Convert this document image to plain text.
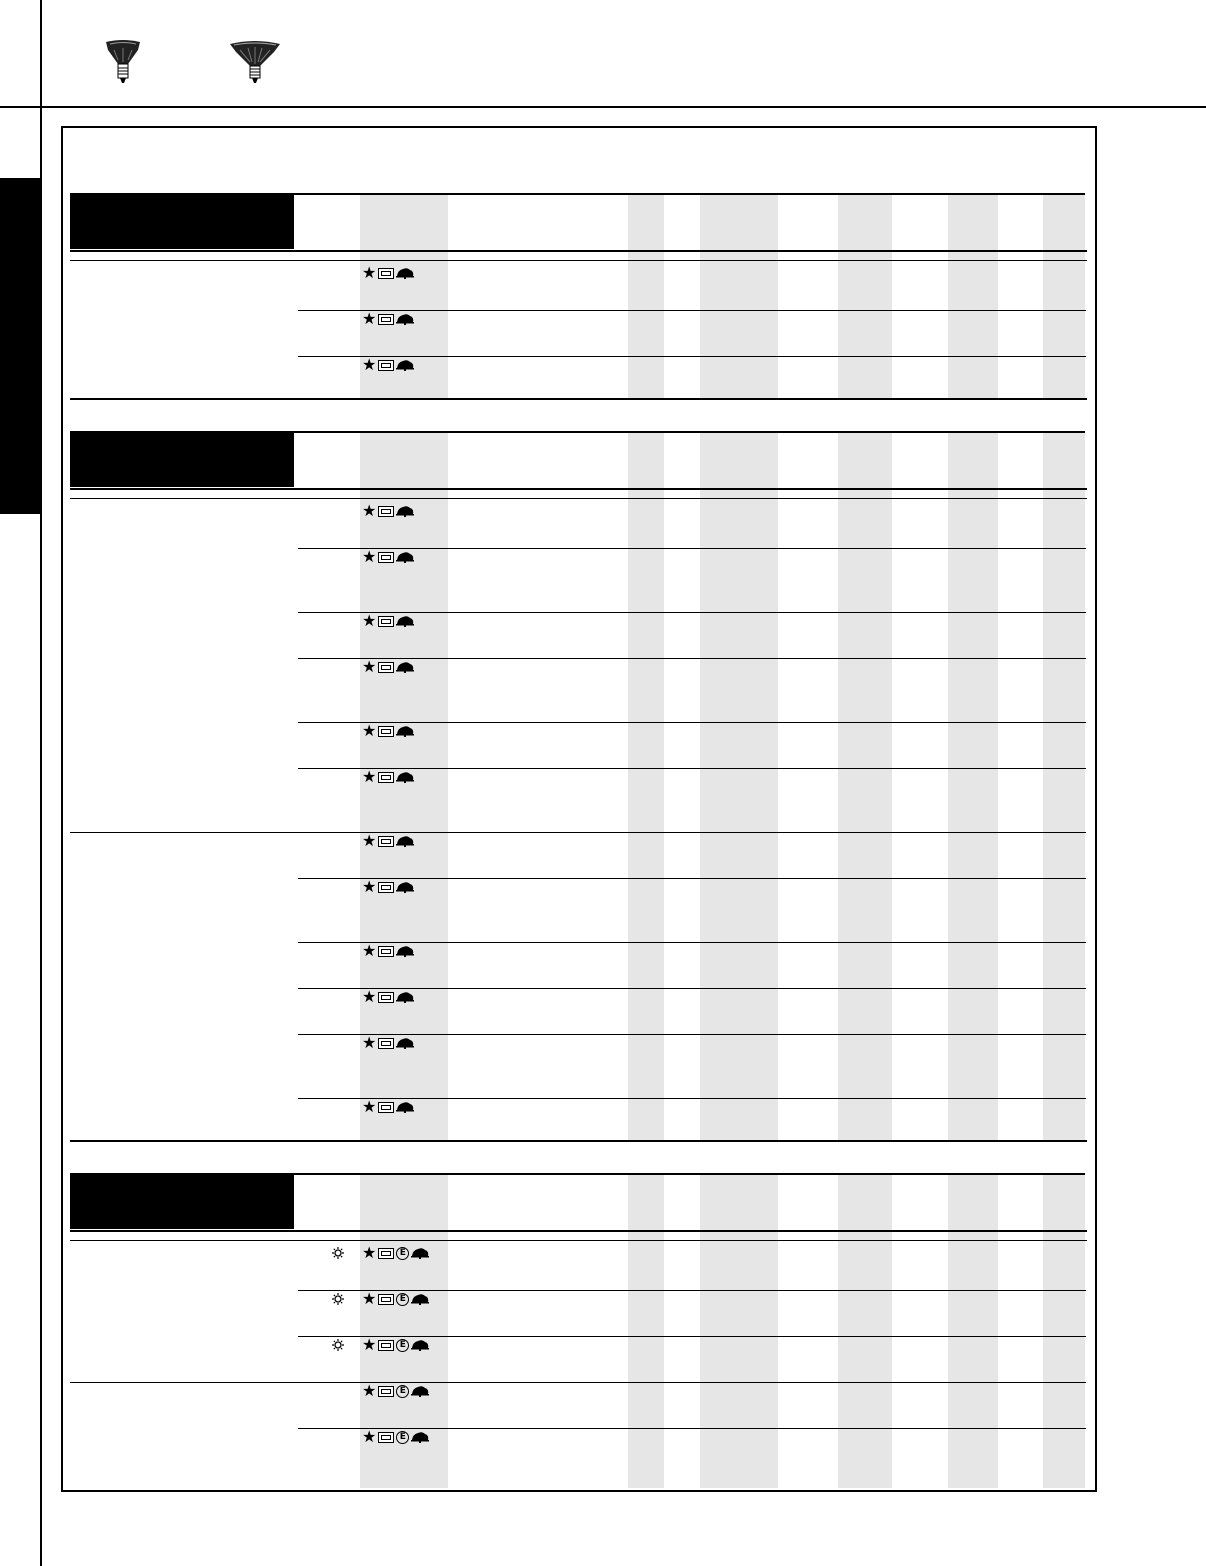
★
★
★
★
★
★
★
★
★
★
★
★
★
★
★
★	E
★	E
★	E
★	E
★	E
